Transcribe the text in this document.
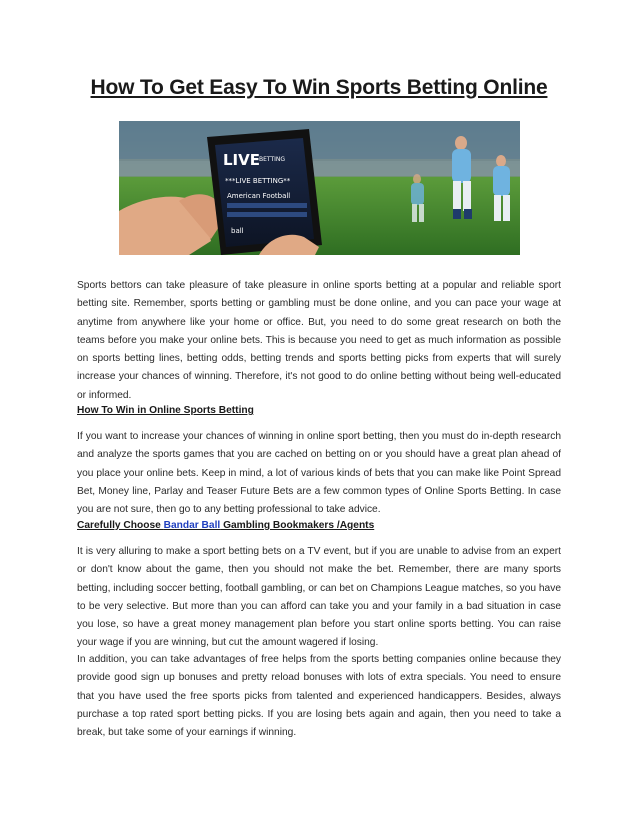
How To Get Easy To Win Sports Betting Online
LIVE BETTING
***LIVE BETTING**
American Football
ball
Sports bettors can take pleasure of take pleasure in online sports betting at a popular and reliable sport betting site. Remember, sports betting or gambling must be done online, and you can pace your wage at anytime from anywhere like your home or office. But, you need to do some great research on both the teams before you make your online bets. This is because you need to get as much information as possible on sports betting lines, betting odds, betting trends and sports betting picks from experts that will surely increase your chances of winning. Therefore, it's not good to do online betting without being well-educated or informed.
How To Win in Online Sports Betting
If you want to increase your chances of winning in online sport betting, then you must do in-depth research and analyze the sports games that you are cached on betting on or you should have a great plan ahead of you place your online bets. Keep in mind, a lot of various kinds of bets that you can make like Point Spread Bet, Money line, Parlay and Teaser Future Bets are a few common types of Online Sports Betting. In case you are not sure, then go to any betting professional to take advice.
Carefully Choose Bandar Ball Gambling Bookmakers /Agents
It is very alluring to make a sport betting bets on a TV event, but if you are unable to advise from an expert or don't know about the game, then you should not make the bet. Remember, there are many sports betting, including soccer betting, football gambling, or can bet on Champions League matches, so you have to be very selective. But more than you can afford can take you and your family in a bad situation in case you lose, so have a great money management plan before you start online sports betting. You can raise your wage if you are winning, but cut the amount wagered if losing.
In addition, you can take advantages of free helps from the sports betting companies online because they provide good sign up bonuses and pretty reload bonuses with lots of extra specials. You need to ensure that you have used the free sports picks from talented and experienced handicappers. Besides, always purchase a top rated sport betting picks. If you are losing bets again and again, then you need to take a break, but take some of your earnings if winning.
